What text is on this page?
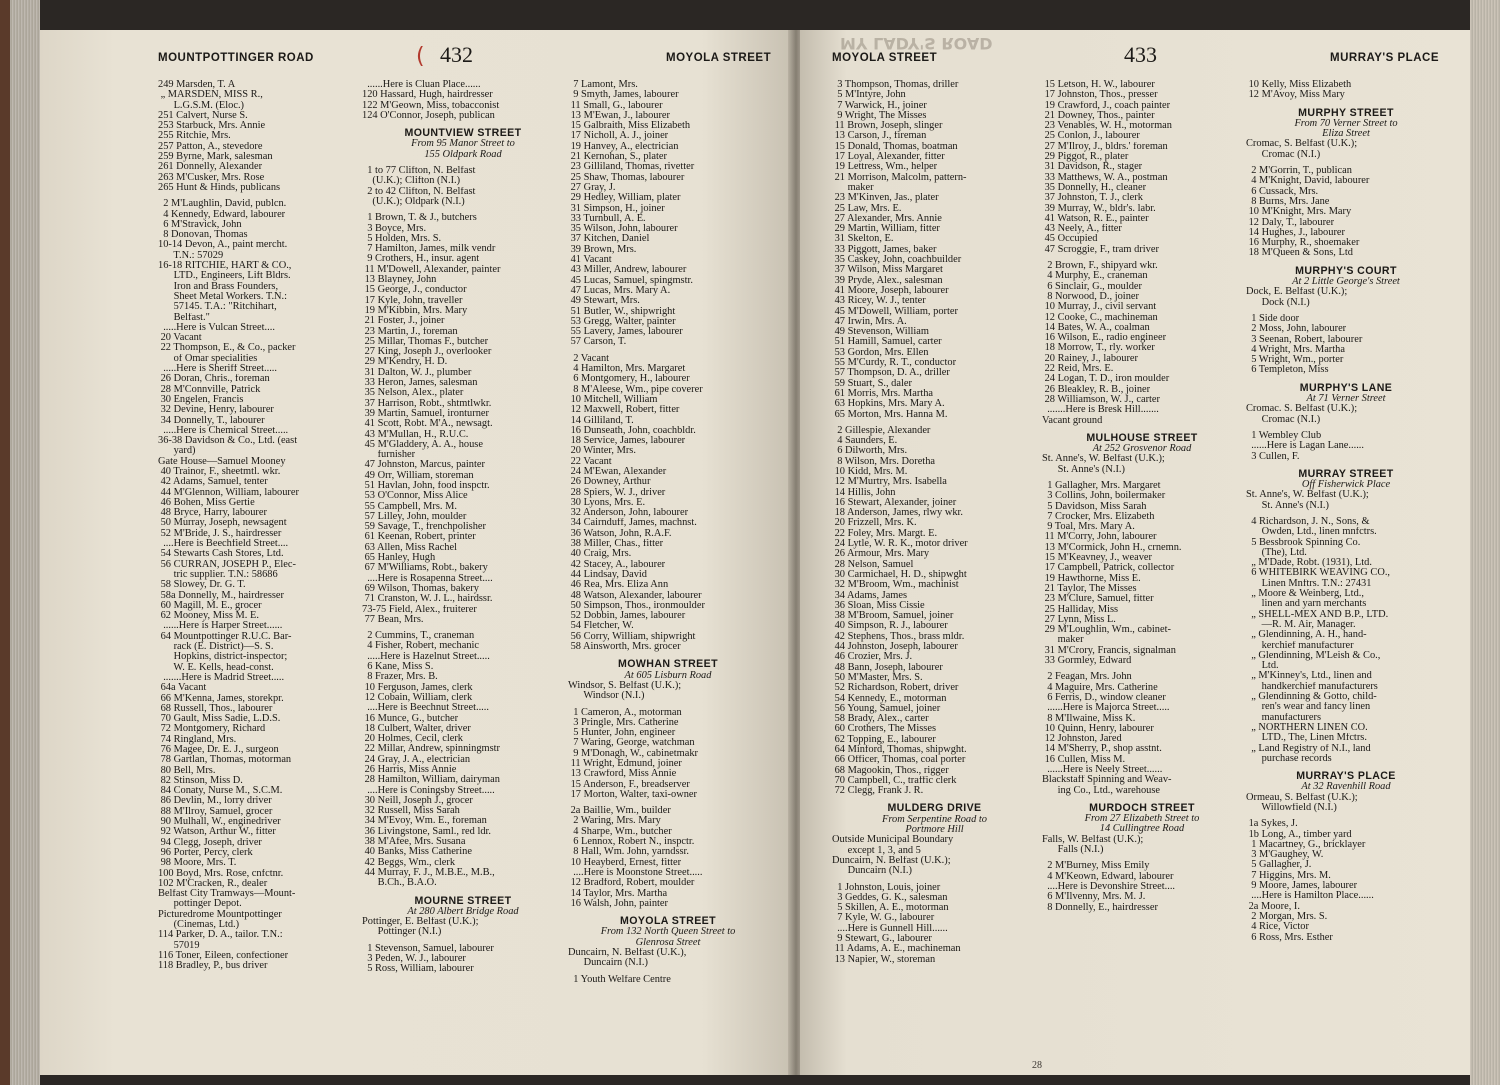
MOUNTPOTTINGER ROAD	( 432	MOYOLA STREET
249 Marsden, T. A
„ MARSDEN, MISS R.,
L.G.S.M. (Eloc.)
251 Calvert, Nurse S.
253 Starbuck, Mrs. Annie
255 Ritchie, Mrs.
257 Patton, A., stevedore
259 Byrne, Mark, salesman
261 Donnelly, Alexander
263 M'Cusker, Mrs. Rose
265 Hunt & Hinds, publicans
2 M'Laughlin, David, publcn.
4 Kennedy, Edward, labourer
6 M'Stravick, John
8 Donovan, Thomas
10-14 Devon, A., paint mercht.
T.N.: 57029
16-18 RITCHIE, HART & CO.,
LTD., Engineers, Lift Bldrs.
Iron and Brass Founders,
Sheet Metal Workers. T.N.:
57145. T.A.: "Ritchihart,
Belfast."
.....Here is Vulcan Street....
20 Vacant
22 Thompson, E., & Co., packer
of Omar specialities
.....Here is Sheriff Street.....
26 Doran, Chris., foreman
28 M'Connville, Patrick
30 Engelen, Francis
32 Devine, Henry, labourer
34 Donnelly, T., labourer
.....Here is Chemical Street.....
36-38 Davidson & Co., Ltd. (east
yard)
Gate House—Samuel Mooney
40 Trainor, F., sheetmtl. wkr.
42 Adams, Samuel, tenter
44 M'Glennon, William, labourer
46 Bohen, Miss Gertie
48 Bryce, Harry, labourer
50 Murray, Joseph, newsagent
52 M'Bride, J. S., hairdresser
....Here is Beechfield Street....
54 Stewarts Cash Stores, Ltd.
56 CURRAN, JOSEPH P., Elec-
tric supplier. T.N.: 58686
58 Slowey, Dr. G. T.
58a Donnelly, M., hairdresser
60 Magill, M. E., grocer
62 Mooney, Miss M. E.
......Here is Harper Street......
64 Mountpottinger R.U.C. Bar-
rack (E. District)—S. S.
Hopkins, district-inspector;
W. E. Kells, head-const.
.......Here is Madrid Street.....
64a Vacant
66 M'Kenna, James, storekpr.
68 Russell, Thos., labourer
70 Gault, Miss Sadie, L.D.S.
72 Montgomery, Richard
74 Ringland, Mrs.
76 Magee, Dr. E. J., surgeon
78 Gartlan, Thomas, motorman
80 Bell, Mrs.
82 Stinson, Miss D.
84 Conaty, Nurse M., S.C.M.
86 Devlin, M., lorry driver
88 M'Ilroy, Samuel, grocer
90 Mulhall, W., enginedriver
92 Watson, Arthur W., fitter
94 Clegg, Joseph, driver
96 Porter, Percy, clerk
98 Moore, Mrs. T.
100 Boyd, Mrs. Rose, cnfctnr.
102 M'Cracken, R., dealer
Belfast City Tramways—Mount-
pottinger Depot.
Picturedrome Mountpottinger
(Cinemas, Ltd.)
114 Parker, D. A., tailor. T.N.:
57019
116 Toner, Eileen, confectioner
118 Bradley, P., bus driver
......Here is Cluan Place......
120 Hassard, Hugh, hairdresser
122 M'Geown, Miss, tobacconist
124 O'Connor, Joseph, publican
MOUNTVIEW STREET
From 95 Manor Street to
155 Oldpark Road
1 to 77 Clifton, N. Belfast
(U.K.); Clifton (N.I.)
2 to 42 Clifton, N. Belfast
(U.K.); Oldpark (N.I.)
1 Brown, T. & J., butchers
3 Boyce, Mrs.
5 Holden, Mrs. S.
7 Hamilton, James, milk vendr
9 Crothers, H., insur. agent
11 M'Dowell, Alexander, painter
13 Blayney, John
15 George, J., conductor
17 Kyle, John, traveller
19 M'Kibbin, Mrs. Mary
21 Foster, J., joiner
23 Martin, J., foreman
25 Millar, Thomas F., butcher
27 King, Joseph J., overlooker
29 M'Kendry, H. D.
31 Dalton, W. J., plumber
33 Heron, James, salesman
35 Nelson, Alex., plater
37 Harrison, Robt., shtmtlwkr.
39 Martin, Samuel, ironturner
41 Scott, Robt. M'A., newsagt.
43 M'Mullan, H., R.U.C.
45 M'Gladdery, A. A., house
furnisher
47 Johnston, Marcus, painter
49 Orr, William, storeman
51 Havlan, John, food inspctr.
53 O'Connor, Miss Alice
55 Campbell, Mrs. M.
57 Lilley, John, moulder
59 Savage, T., frenchpolisher
61 Keenan, Robert, printer
63 Allen, Miss Rachel
65 Hanley, Hugh
67 M'Williams, Robt., bakery
....Here is Rosapenna Street....
69 Wilson, Thomas, bakery
71 Cranston, W. J. L., hairdssr.
73-75 Field, Alex., fruiterer
77 Bean, Mrs.
2 Cummins, T., craneman
4 Fisher, Robert, mechanic
.....Here is Hazelnut Street.....
6 Kane, Miss S.
8 Frazer, Mrs. B.
10 Ferguson, James, clerk
12 Cobain, William, clerk
....Here is Beechnut Street.....
16 Munce, G., butcher
18 Culbert, Walter, driver
20 Holmes, Cecil, clerk
22 Millar, Andrew, spinningmstr
24 Gray, J. A., electrician
26 Harris, Miss Annie
28 Hamilton, William, dairyman
....Here is Coningsby Street.....
30 Neill, Joseph J., grocer
32 Russell, Miss Sarah
34 M'Evoy, Wm. E., foreman
36 Livingstone, Saml., red ldr.
38 M'Afee, Mrs. Susana
40 Banks, Miss Catherine
42 Beggs, Wm., clerk
44 Murray, F. J., M.B.E., M.B.,
B.Ch., B.A.O.
MOURNE STREET
At 280 Albert Bridge Road
Pottinger, E. Belfast (U.K.);
Pottinger (N.I.)
1 Stevenson, Samuel, labourer
3 Peden, W. J., labourer
5 Ross, William, labourer
7 Lamont, Mrs.
9 Smyth, James, labourer
11 Small, G., labourer
13 M'Ewan, J., labourer
15 Galbraith, Miss Elizabeth
17 Nicholl, A. J., joiner
19 Hanvey, A., electrician
21 Kernohan, S., plater
23 Gilliland, Thomas, rivetter
25 Shaw, Thomas, labourer
27 Gray, J.
29 Hedley, William, plater
31 Simpson, H., joiner
33 Turnbull, A. E.
35 Wilson, John, labourer
37 Kitchen, Daniel
39 Brown, Mrs.
41 Vacant
43 Miller, Andrew, labourer
45 Lucas, Samuel, spingmstr.
47 Lucas, Mrs. Mary A.
49 Stewart, Mrs.
51 Butler, W., shipwright
53 Gregg, Walter, painter
55 Lavery, James, labourer
57 Carson, T.
2 Vacant
4 Hamilton, Mrs. Margaret
6 Montgomery, H., labourer
8 M'Aleese, Wm., pipe coverer
10 Mitchell, William
12 Maxwell, Robert, fitter
14 Gilliland, T.
16 Dunseath, John, coachbldr.
18 Service, James, labourer
20 Winter, Mrs.
22 Vacant
24 M'Ewan, Alexander
26 Downey, Arthur
28 Spiers, W. J., driver
30 Lyons, Mrs. E.
32 Anderson, John, labourer
34 Cairnduff, James, machnst.
36 Watson, John, R.A.F.
38 Miller, Chas., fitter
40 Craig, Mrs.
42 Stacey, A., labourer
44 Lindsay, David
46 Rea, Mrs. Eliza Ann
48 Watson, Alexander, labourer
50 Simpson, Thos., ironmoulder
52 Dobbin, James, labourer
54 Fletcher, W.
56 Corry, William, shipwright
58 Ainsworth, Mrs. grocer
MOWHAN STREET
At 605 Lisburn Road
Windsor, S. Belfast (U.K.);
Windsor (N.I.)
1 Cameron, A., motorman
3 Pringle, Mrs. Catherine
5 Hunter, John, engineer
7 Waring, George, watchman
9 M'Donagh, W., cabinetmakr
11 Wright, Edmund, joiner
13 Crawford, Miss Annie
15 Anderson, F., breadserver
17 Morton, Walter, taxi-owner
2a Baillie, Wm., builder
2 Waring, Mrs. Mary
4 Sharpe, Wm., butcher
6 Lennox, Robert N., inspctr.
8 Hall, Wm. John, yarndssr.
10 Heayberd, Ernest, fitter
....Here is Moonstone Street.....
12 Bradford, Robert, moulder
14 Taylor, Mrs. Martha
16 Walsh, John, painter
MOYOLA STREET
From 132 North Queen Street to
Glenrosa Street
Duncairn, N. Belfast (U.K.),
Duncairn (N.I.)
1 Youth Welfare Centre
MY LADY'S ROAD
MOYOLA STREET	433	MURRAY'S PLACE
3 Thompson, Thomas, driller
5 M'Intyre, John
7 Warwick, H., joiner
9 Wright, The Misses
11 Brown, Joseph, slinger
13 Carson, J., fireman
15 Donald, Thomas, boatman
17 Loyal, Alexander, fitter
19 Lettress, Wm., helper
21 Morrison, Malcolm, pattern-
maker
23 M'Kinven, Jas., plater
25 Law, Mrs. E.
27 Alexander, Mrs. Annie
29 Martin, William, fitter
31 Skelton, E.
33 Piggott, James, baker
35 Caskey, John, coachbuilder
37 Wilson, Miss Margaret
39 Pryde, Alex., salesman
41 Moore, Joseph, labourer
43 Ricey, W. J., tenter
45 M'Dowell, William, porter
47 Irwin, Mrs. A.
49 Stevenson, William
51 Hamill, Samuel, carter
53 Gordon, Mrs. Ellen
55 M'Curdy, R. T., conductor
57 Thompson, D. A., driller
59 Stuart, S., daler
61 Morris, Mrs. Martha
63 Hopkins, Mrs. Mary A.
65 Morton, Mrs. Hanna M.
2 Gillespie, Alexander
4 Saunders, E.
6 Dilworth, Mrs.
8 Wilson, Mrs. Doretha
10 Kidd, Mrs. M.
12 M'Murtry, Mrs. Isabella
14 Hillis, John
16 Stewart, Alexander, joiner
18 Anderson, James, rlwy wkr.
20 Frizzell, Mrs. K.
22 Foley, Mrs. Margt. E.
24 Lytle, W. R. K., motor driver
26 Armour, Mrs. Mary
28 Nelson, Samuel
30 Carmichael, H. D., shipwght
32 M'Broom, Wm., machinist
34 Adams, James
36 Sloan, Miss Cissie
38 M'Broom, Samuel, joiner
40 Simpson, R. J., labourer
42 Stephens, Thos., brass mldr.
44 Johnston, Joseph, labourer
46 Crozier, Mrs. J.
48 Bann, Joseph, labourer
50 M'Master, Mrs. S.
52 Richardson, Robert, driver
54 Kennedy, E., motorman
56 Young, Samuel, joiner
58 Brady, Alex., carter
60 Crothers, The Misses
62 Topping, E., labourer
64 Minford, Thomas, shipwght.
66 Officer, Thomas, coal porter
68 Magookin, Thos., rigger
70 Campbell, C., traffic clerk
72 Clegg, Frank J. R.
MULDERG DRIVE
From Serpentine Road to
Portmore Hill
Outside Municipal Boundary
except 1, 3, and 5
Duncairn, N. Belfast (U.K.);
Duncairn (N.I.)
1 Johnston, Louis, joiner
3 Geddes, G. K., salesman
5 Skillen, A. E., motorman
7 Kyle, W. G., labourer
....Here is Gunnell Hill......
9 Stewart, G., labourer
11 Adams, A. E., machineman
13 Napier, W., storeman
15 Letson, H. W., labourer
17 Johnston, Thos., presser
19 Crawford, J., coach painter
21 Downey, Thos., painter
23 Venables, W. H., motorman
25 Conlon, J., labourer
27 M'Ilroy, J., bldrs.' foreman
29 Piggot, R., plater
31 Davidson, R., stager
33 Matthews, W. A., postman
35 Donnelly, H., cleaner
37 Johnston, T. J., clerk
39 Murray, W., bldr's. labr.
41 Watson, R. E., painter
43 Neely, A., fitter
45 Occupied
47 Scroggie, F., tram driver
2 Brown, F., shipyard wkr.
4 Murphy, E., craneman
6 Sinclair, G., moulder
8 Norwood, D., joiner
10 Murray, J., civil servant
12 Cooke, C., machineman
14 Bates, W. A., coalman
16 Wilson, E., radio engineer
18 Morrow, T., rly. worker
20 Rainey, J., labourer
22 Reid, Mrs. E.
24 Logan, T. D., iron moulder
26 Bleakley, R. B., joiner
28 Williamson, W. J., carter
.......Here is Bresk Hill.......
Vacant ground
MULHOUSE STREET
At 252 Grosvenor Road
St. Anne's, W. Belfast (U.K.);
St. Anne's (N.I.)
1 Gallagher, Mrs. Margaret
3 Collins, John, boilermaker
5 Davidson, Miss Sarah
7 Crocker, Mrs. Elizabeth
9 Toal, Mrs. Mary A.
11 M'Corry, John, labourer
13 M'Cormick, John H., crnemn.
15 M'Keavney, J., weaver
17 Campbell, Patrick, collector
19 Hawthorne, Miss E.
21 Taylor, The Misses
23 M'Clure, Samuel, fitter
25 Halliday, Miss
27 Lynn, Miss L.
29 M'Loughlin, Wm., cabinet-
maker
31 M'Crory, Francis, signalman
33 Gormley, Edward
2 Feagan, Mrs. John
4 Maguire, Mrs. Catherine
6 Ferris, D., window cleaner
......Here is Majorca Street.....
8 M'Ilwaine, Miss K.
10 Quinn, Henry, labourer
12 Johnston, Jared
14 M'Sherry, P., shop asstnt.
16 Cullen, Miss M.
......Here is Neely Street......
Blackstaff Spinning and Weav-
ing Co., Ltd., warehouse
MURDOCH STREET
From 27 Elizabeth Street to
14 Cullingtree Road
Falls, W. Belfast (U.K.);
Falls (N.I.)
2 M'Burney, Miss Emily
4 M'Keown, Edward, labourer
....Here is Devonshire Street....
6 M'Ilvenny, Mrs. M. J.
8 Donnelly, E., hairdresser
10 Kelly, Miss Elizabeth
12 M'Avoy, Miss Mary
MURPHY STREET
From 70 Verner Street to
Eliza Street
Cromac, S. Belfast (U.K.);
Cromac (N.I.)
2 M'Gorrin, T., publican
4 M'Knight, David, labourer
6 Cussack, Mrs.
8 Burns, Mrs. Jane
10 M'Knight, Mrs. Mary
12 Daly, T., labourer
14 Hughes, J., labourer
16 Murphy, R., shoemaker
18 M'Queen & Sons, Ltd
MURPHY'S COURT
At 2 Little George's Street
Dock, E. Belfast (U.K.);
Dock (N.I.)
1 Side door
2 Moss, John, labourer
3 Seenan, Robert, labourer
4 Wright, Mrs. Martha
5 Wright, Wm., porter
6 Templeton, Miss
MURPHY'S LANE
At 71 Verner Street
Cromac. S. Belfast (U.K.);
Cromac (N.I.)
1 Wembley Club
......Here is Lagan Lane......
3 Cullen, F.
MURRAY STREET
Off Fisherwick Place
St. Anne's, W. Belfast (U.K.);
St. Anne's (N.I.)
4 Richardson, J. N., Sons, &
Owden, Ltd., linen mnfctrs.
5 Bessbrook Spinning Co.
(The), Ltd.
„ M'Dade, Robt. (1931), Ltd.
6 WHITEBIRK WEAVING CO.,
Linen Mnftrs. T.N.: 27431
„ Moore & Weinberg, Ltd.,
linen and yarn merchants
„ SHELL-MEX AND B.P., LTD.
—R. M. Air, Manager.
„ Glendinning, A. H., hand-
kerchief manufacturer
„ Glendinning, M'Leish & Co.,
Ltd.
„ M'Kinney's, Ltd., linen and
handkerchief manufacturers
„ Glendinning & Gotto, child-
ren's wear and fancy linen
manufacturers
„ NORTHERN LINEN CO.
LTD., The, Linen Mfctrs.
„ Land Registry of N.I., land
purchase records
MURRAY'S PLACE
At 32 Ravenhill Road
Ormeau, S. Belfast (U.K.);
Willowfield (N.I.)
1a Sykes, J.
1b Long, A., timber yard
1 Macartney, G., bricklayer
3 M'Gaughey, W.
5 Gallagher, J.
7 Higgins, Mrs. M.
9 Moore, James, labourer
....Here is Hamilton Place......
2a Moore, I.
2 Morgan, Mrs. S.
4 Rice, Victor
6 Ross, Mrs. Esther
28
